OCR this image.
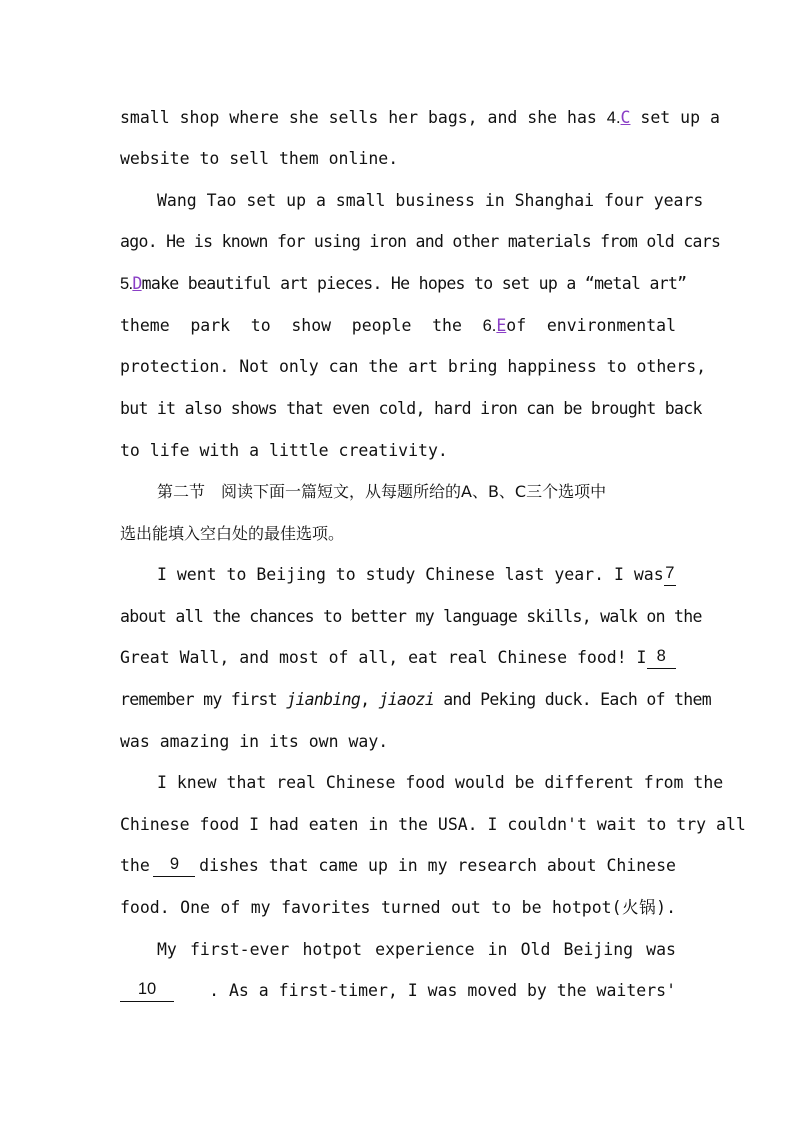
small shop where she sells her bags, and she has 4.C set up a
website to sell them online.
Wang Tao set up a small business in Shanghai four years
ago. He is known for using iron and other materials from old cars
5.Dmake beautiful art pieces. He hopes to set up a “metal art”
theme park to show people the 6.Eof environmental
protection. Not only can the art bring happiness to others,
but it also shows that even cold, hard iron can be brought back
to life with a little creativity.
第二节　阅读下面一篇短文，从每题所给的A、B、C三个选项中
选出能填入空白处的最佳选项。
I went to Beijing to study Chinese last year. I was 7
about all the chances to better my language skills, walk on the
Great Wall, and most of all, eat real Chinese food! I 8
remember my first jianbing, jiaozi and Peking duck. Each of them
was amazing in its own way.
I knew that real Chinese food would be different from the
Chinese food I had eaten in the USA. I couldn't wait to try all
the	9	dishes that came up in my research about Chinese
food. One of my favorites turned out to be hotpot(火锅).
My first-ever hotpot experience in Old Beijing was
10	. As a first-timer, I was moved by the waiters'
